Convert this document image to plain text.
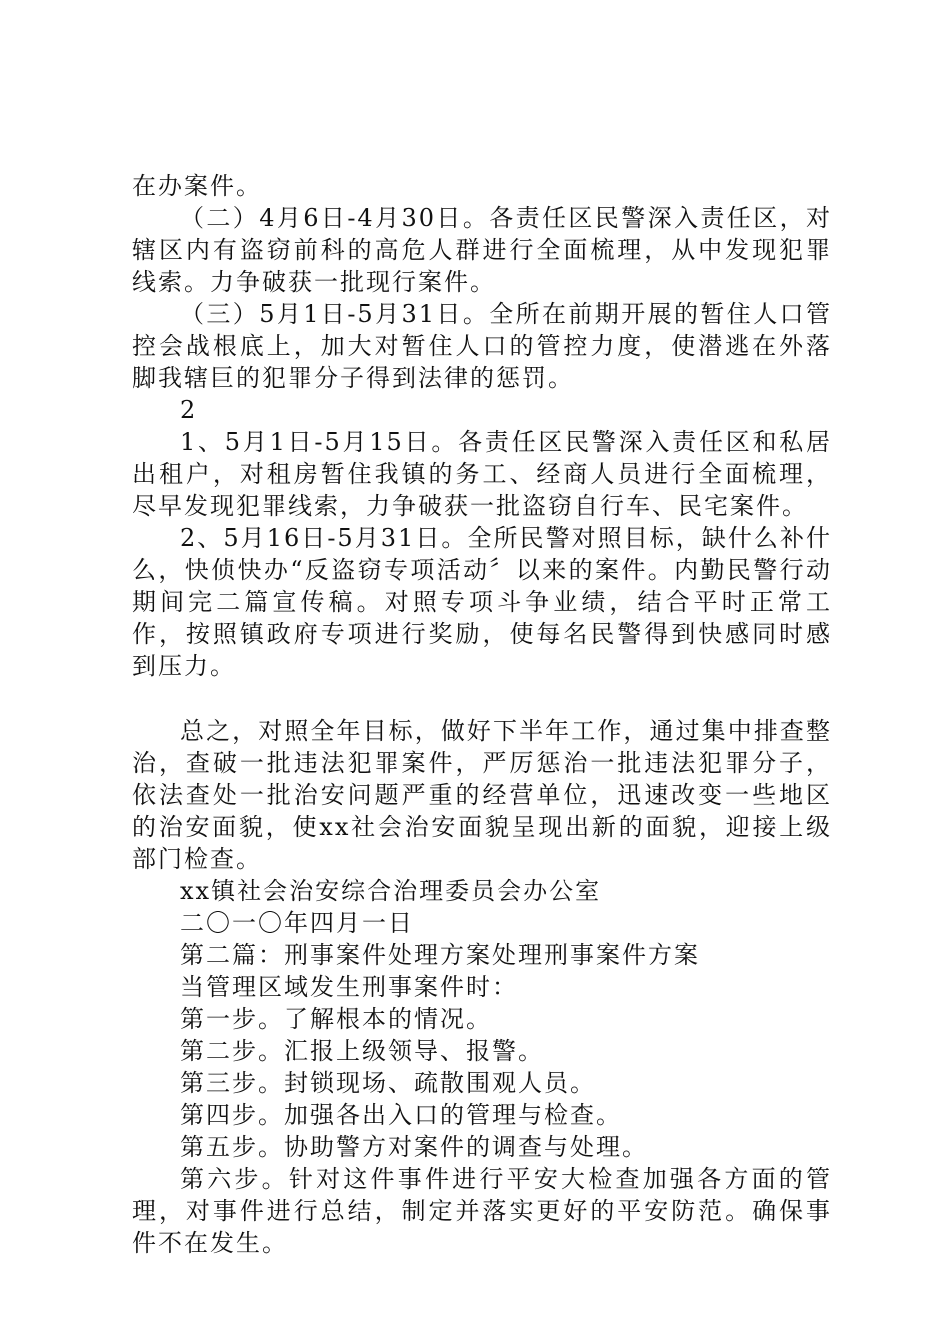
在办案件。

（二）4月6日-4月30日。各责任区民警深入责任区，对辖区内有盗窃前科的高危人群进行全面梳理，从中发现犯罪线索。力争破获一批现行案件。

（三）5月1日-5月31日。全所在前期开展的暂住人口管控会战根底上，加大对暂住人口的管控力度，使潜逃在外落脚我辖巨的犯罪分子得到法律的惩罚。

2

1、5月1日-5月15日。各责任区民警深入责任区和私居出租户，对租房暂住我镇的务工、经商人员进行全面梳理，尽早发现犯罪线索，力争破获一批盗窃自行车、民宅案件。

2、5月16日-5月31日。全所民警对照目标，缺什么补什么，快侦快办“反盗窃专项活动〞以来的案件。内勤民警行动期间完二篇宣传稿。对照专项斗争业绩，结合平时正常工作，按照镇政府专项进行奖励，使每名民警得到快感同时感到压力。

总之，对照全年目标，做好下半年工作，通过集中排查整治，查破一批违法犯罪案件，严厉惩治一批违法犯罪分子，依法查处一批治安问题严重的经营单位，迅速改变一些地区的治安面貌，使xx社会治安面貌呈现出新的面貌，迎接上级部门检查。

xx镇社会治安综合治理委员会办公室

二〇一〇年四月一日

第二篇：刑事案件处理方案处理刑事案件方案

当管理区域发生刑事案件时：

第一步。了解根本的情况。

第二步。汇报上级领导、报警。

第三步。封锁现场、疏散围观人员。

第四步。加强各出入口的管理与检查。

第五步。协助警方对案件的调查与处理。

第六步。针对这件事件进行平安大检查加强各方面的管理，对事件进行总结，制定并落实更好的平安防范。确保事件不在发生。
